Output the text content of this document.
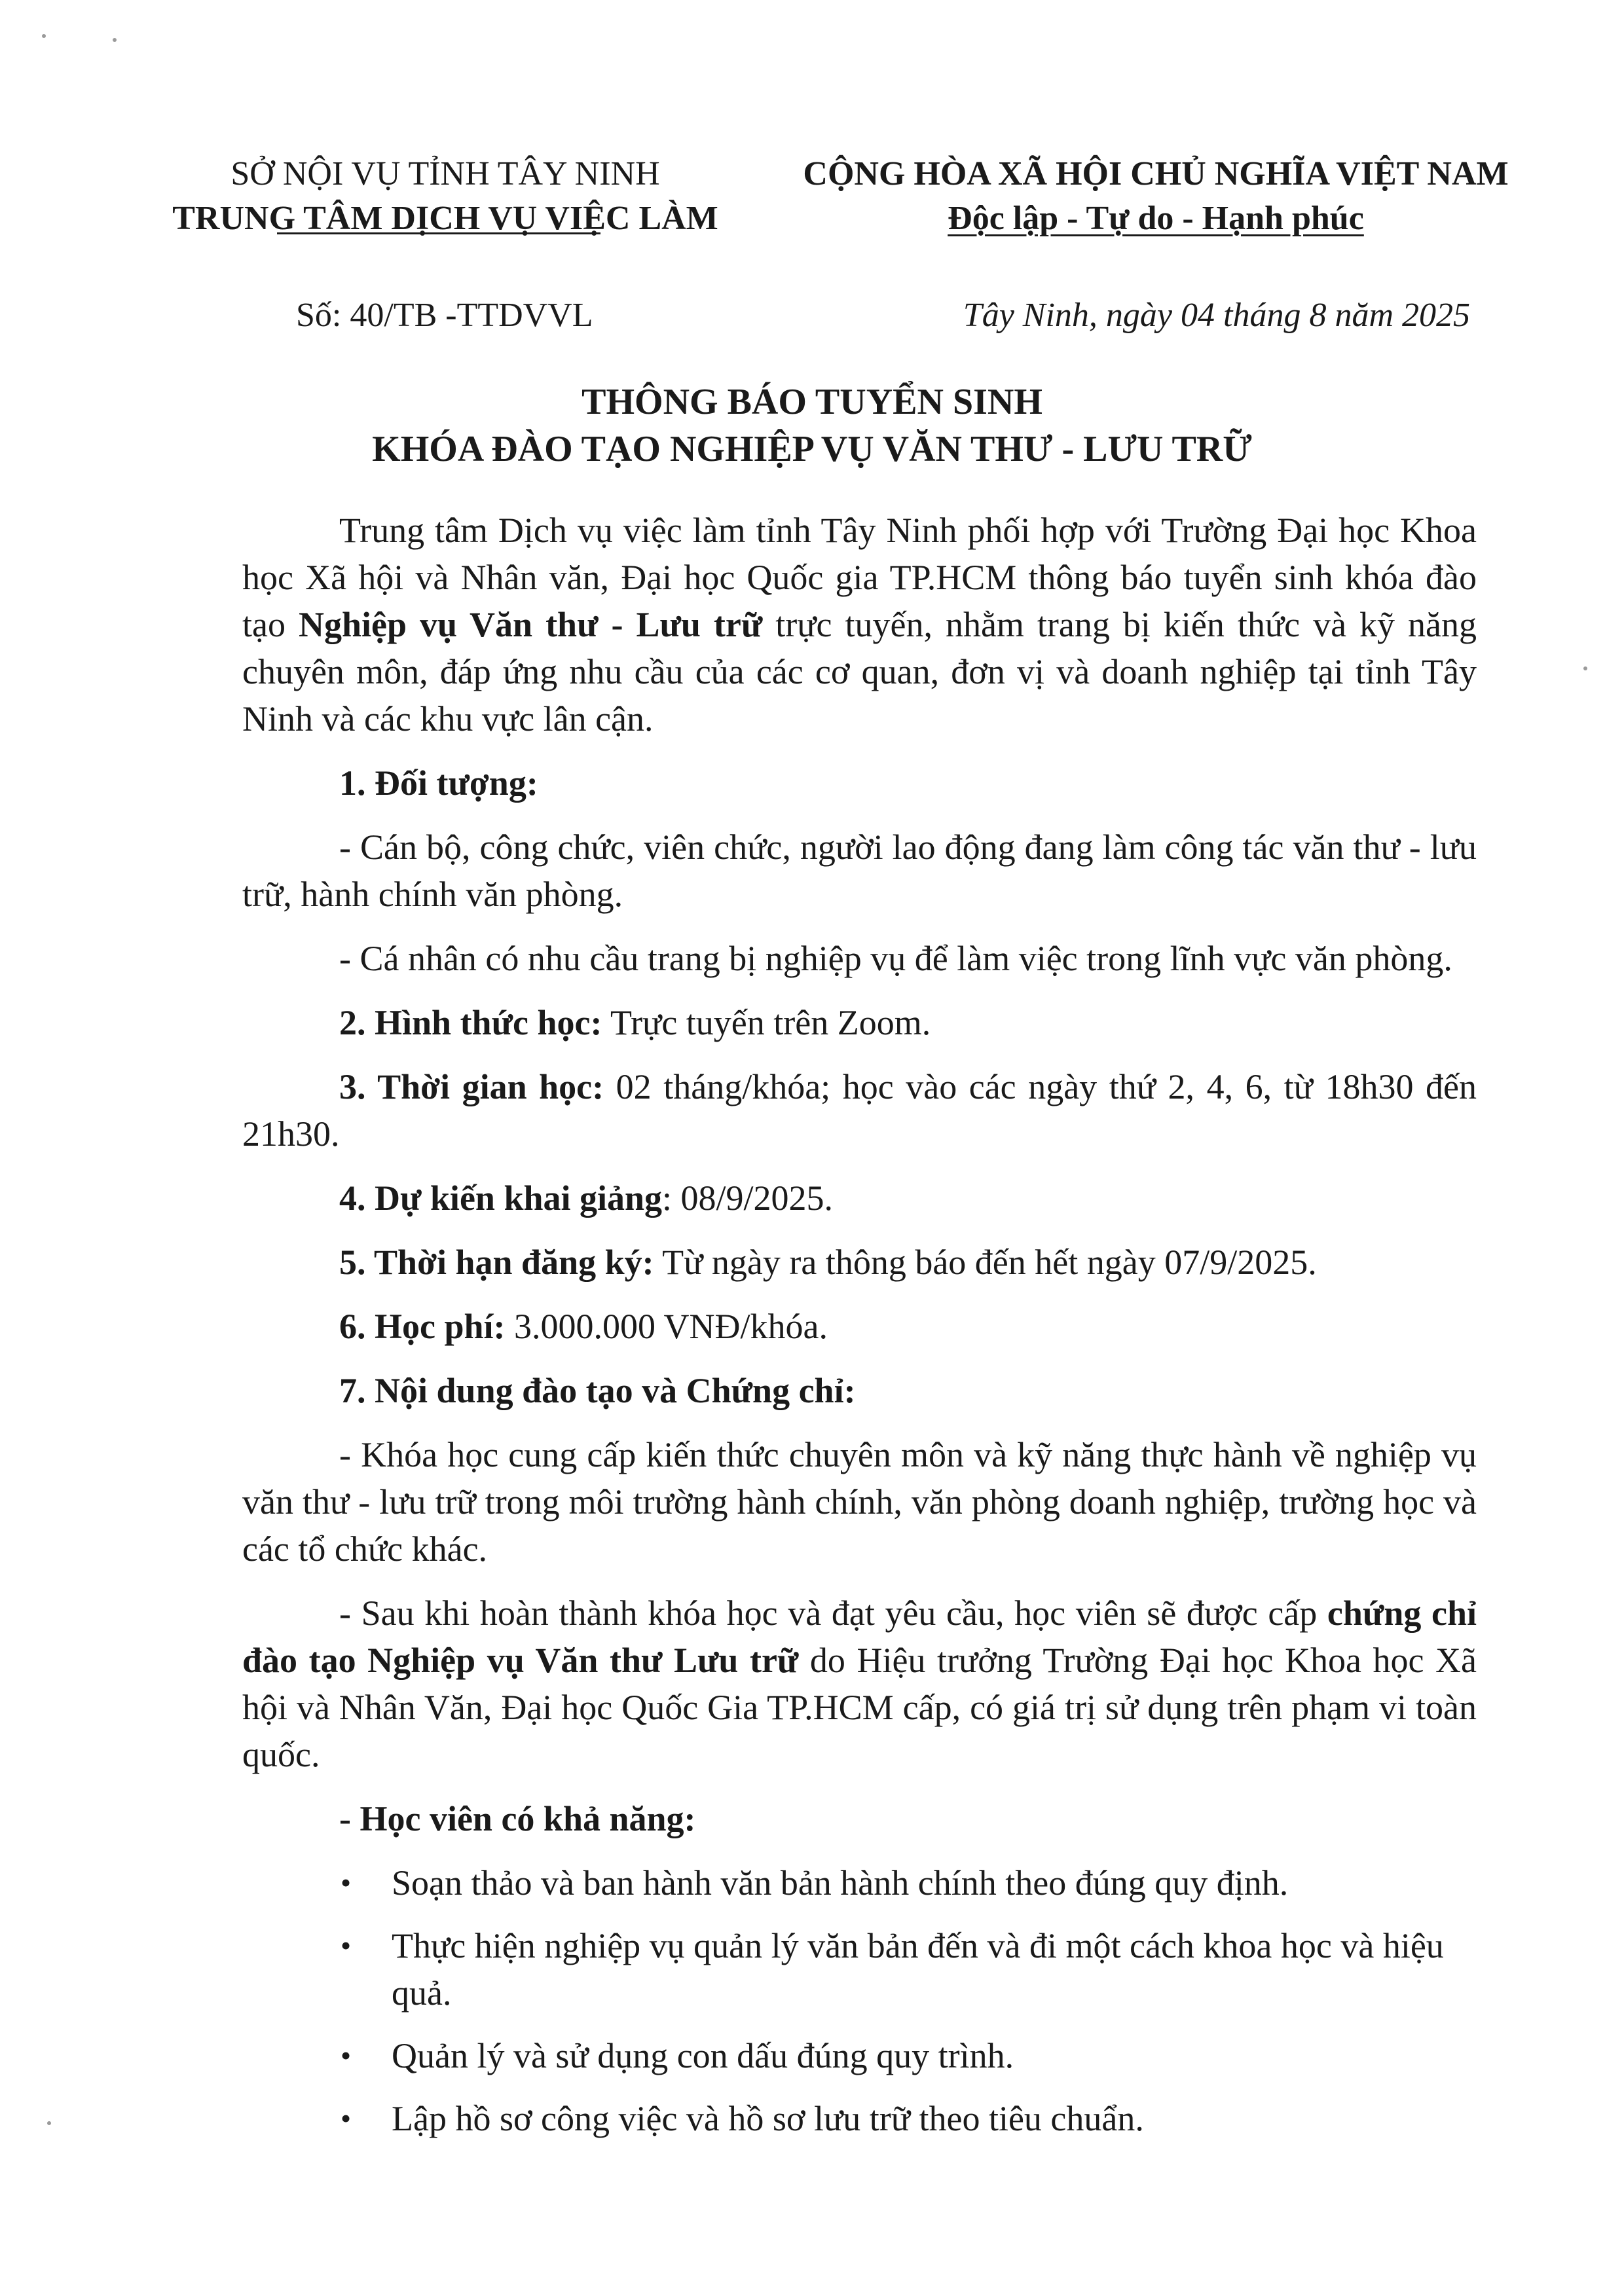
SỞ NỘI VỤ TỈNH TÂY NINH
TRUNG TÂM DỊCH VỤ VIỆC LÀM
CỘNG HÒA XÃ HỘI CHỦ NGHĨA VIỆT NAM
Độc lập - Tự do - Hạnh phúc
Số: 40/TB -TTDVVL	Tây Ninh, ngày 04 tháng 8 năm 2025
THÔNG BÁO TUYỂN SINH
KHÓA ĐÀO TẠO NGHIỆP VỤ VĂN THƯ - LƯU TRỮ

Trung tâm Dịch vụ việc làm tỉnh Tây Ninh phối hợp với Trường Đại học Khoa học Xã hội và Nhân văn, Đại học Quốc gia TP.HCM thông báo tuyển sinh khóa đào tạo Nghiệp vụ Văn thư - Lưu trữ trực tuyến, nhằm trang bị kiến thức và kỹ năng chuyên môn, đáp ứng nhu cầu của các cơ quan, đơn vị và doanh nghiệp tại tỉnh Tây Ninh và các khu vực lân cận.

1. Đối tượng:

- Cán bộ, công chức, viên chức, người lao động đang làm công tác văn thư - lưu trữ, hành chính văn phòng.

- Cá nhân có nhu cầu trang bị nghiệp vụ để làm việc trong lĩnh vực văn phòng.

2. Hình thức học: Trực tuyến trên Zoom.

3. Thời gian học: 02 tháng/khóa; học vào các ngày thứ 2, 4, 6, từ 18h30 đến 21h30.

4. Dự kiến khai giảng: 08/9/2025.

5. Thời hạn đăng ký: Từ ngày ra thông báo đến hết ngày 07/9/2025.

6. Học phí: 3.000.000 VNĐ/khóa.

7. Nội dung đào tạo và Chứng chỉ:

- Khóa học cung cấp kiến thức chuyên môn và kỹ năng thực hành về nghiệp vụ văn thư - lưu trữ trong môi trường hành chính, văn phòng doanh nghiệp, trường học và các tổ chức khác.

- Sau khi hoàn thành khóa học và đạt yêu cầu, học viên sẽ được cấp chứng chỉ đào tạo Nghiệp vụ Văn thư Lưu trữ do Hiệu trưởng Trường Đại học Khoa học Xã hội và Nhân Văn, Đại học Quốc Gia TP.HCM cấp, có giá trị sử dụng trên phạm vi toàn quốc.

- Học viên có khả năng:

• Soạn thảo và ban hành văn bản hành chính theo đúng quy định.
• Thực hiện nghiệp vụ quản lý văn bản đến và đi một cách khoa học và hiệu quả.
• Quản lý và sử dụng con dấu đúng quy trình.
• Lập hồ sơ công việc và hồ sơ lưu trữ theo tiêu chuẩn.
